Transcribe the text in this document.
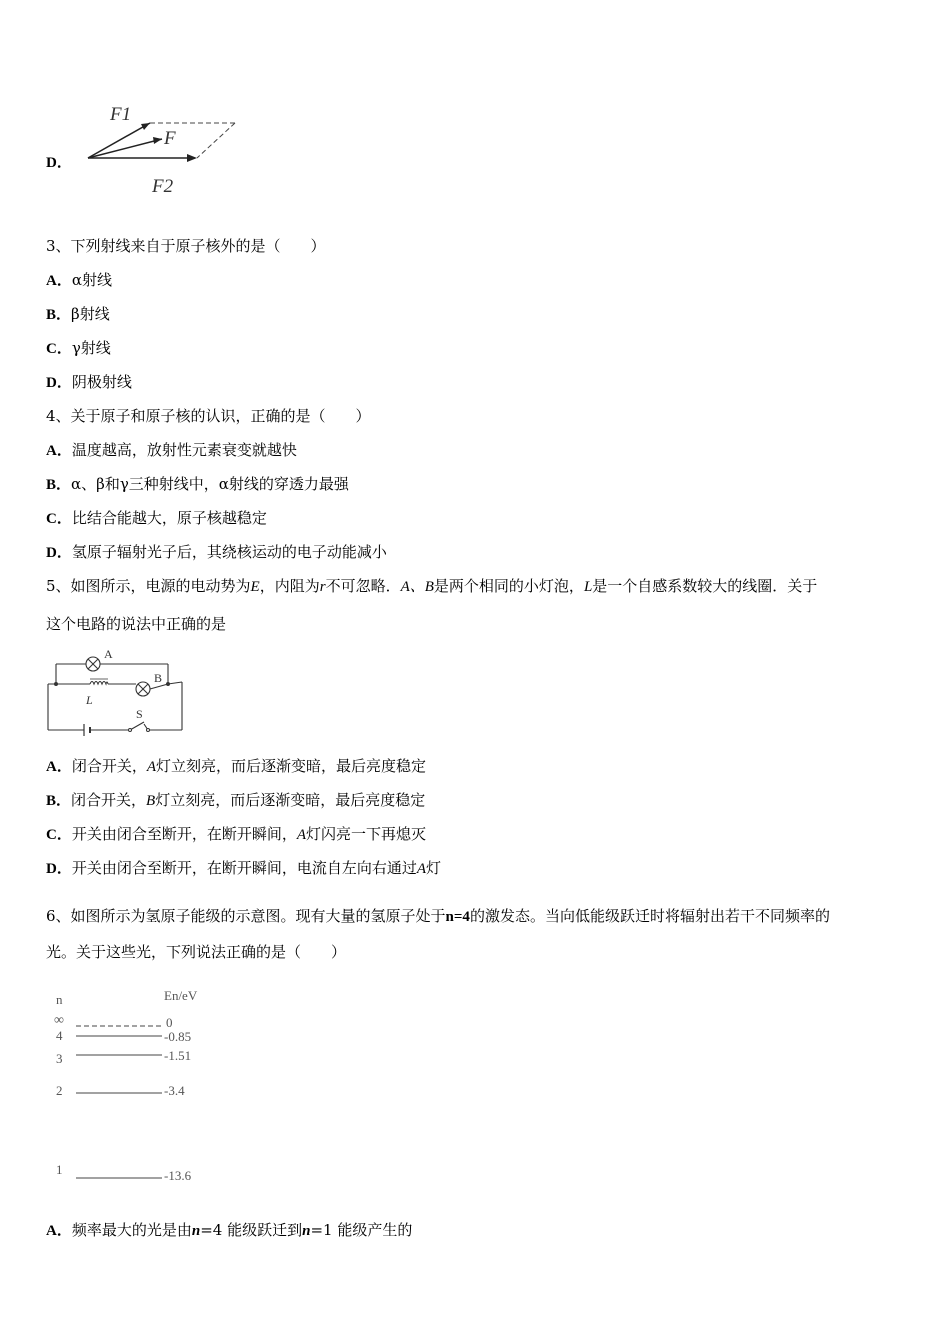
D．
F1
F
F2
3、下列射线来自于原子核外的是（　　）
A．α射线
B．β射线
C．γ射线
D．阴极射线
4、关于原子和原子核的认识，正确的是（　　）
A．温度越高，放射性元素衰变就越快
B．α、β和γ三种射线中，α射线的穿透力最强
C．比结合能越大，原子核越稳定
D．氢原子辐射光子后，其绕核运动的电子动能减小
5、如图所示，电源的电动势为E，内阻为r不可忽略．A、B是两个相同的小灯泡，L是一个自感系数较大的线圈．关于
这个电路的说法中正确的是
A
B
L
S
A．闭合开关，A灯立刻亮，而后逐渐变暗，最后亮度稳定
B．闭合开关，B灯立刻亮，而后逐渐变暗，最后亮度稳定
C．开关由闭合至断开，在断开瞬间，A灯闪亮一下再熄灭
D．开关由闭合至断开，在断开瞬间，电流自左向右通过A灯
6、如图所示为氢原子能级的示意图。现有大量的氢原子处于n=4的激发态。当向低能级跃迁时将辐射出若干不同频率的
光。关于这些光，下列说法正确的是（　　）
n	En/eV
∞	0
4	-0.85
3	-1.51
2	-3.4
1	-13.6
A．频率最大的光是由n=4 能级跃迁到n=1 能级产生的
